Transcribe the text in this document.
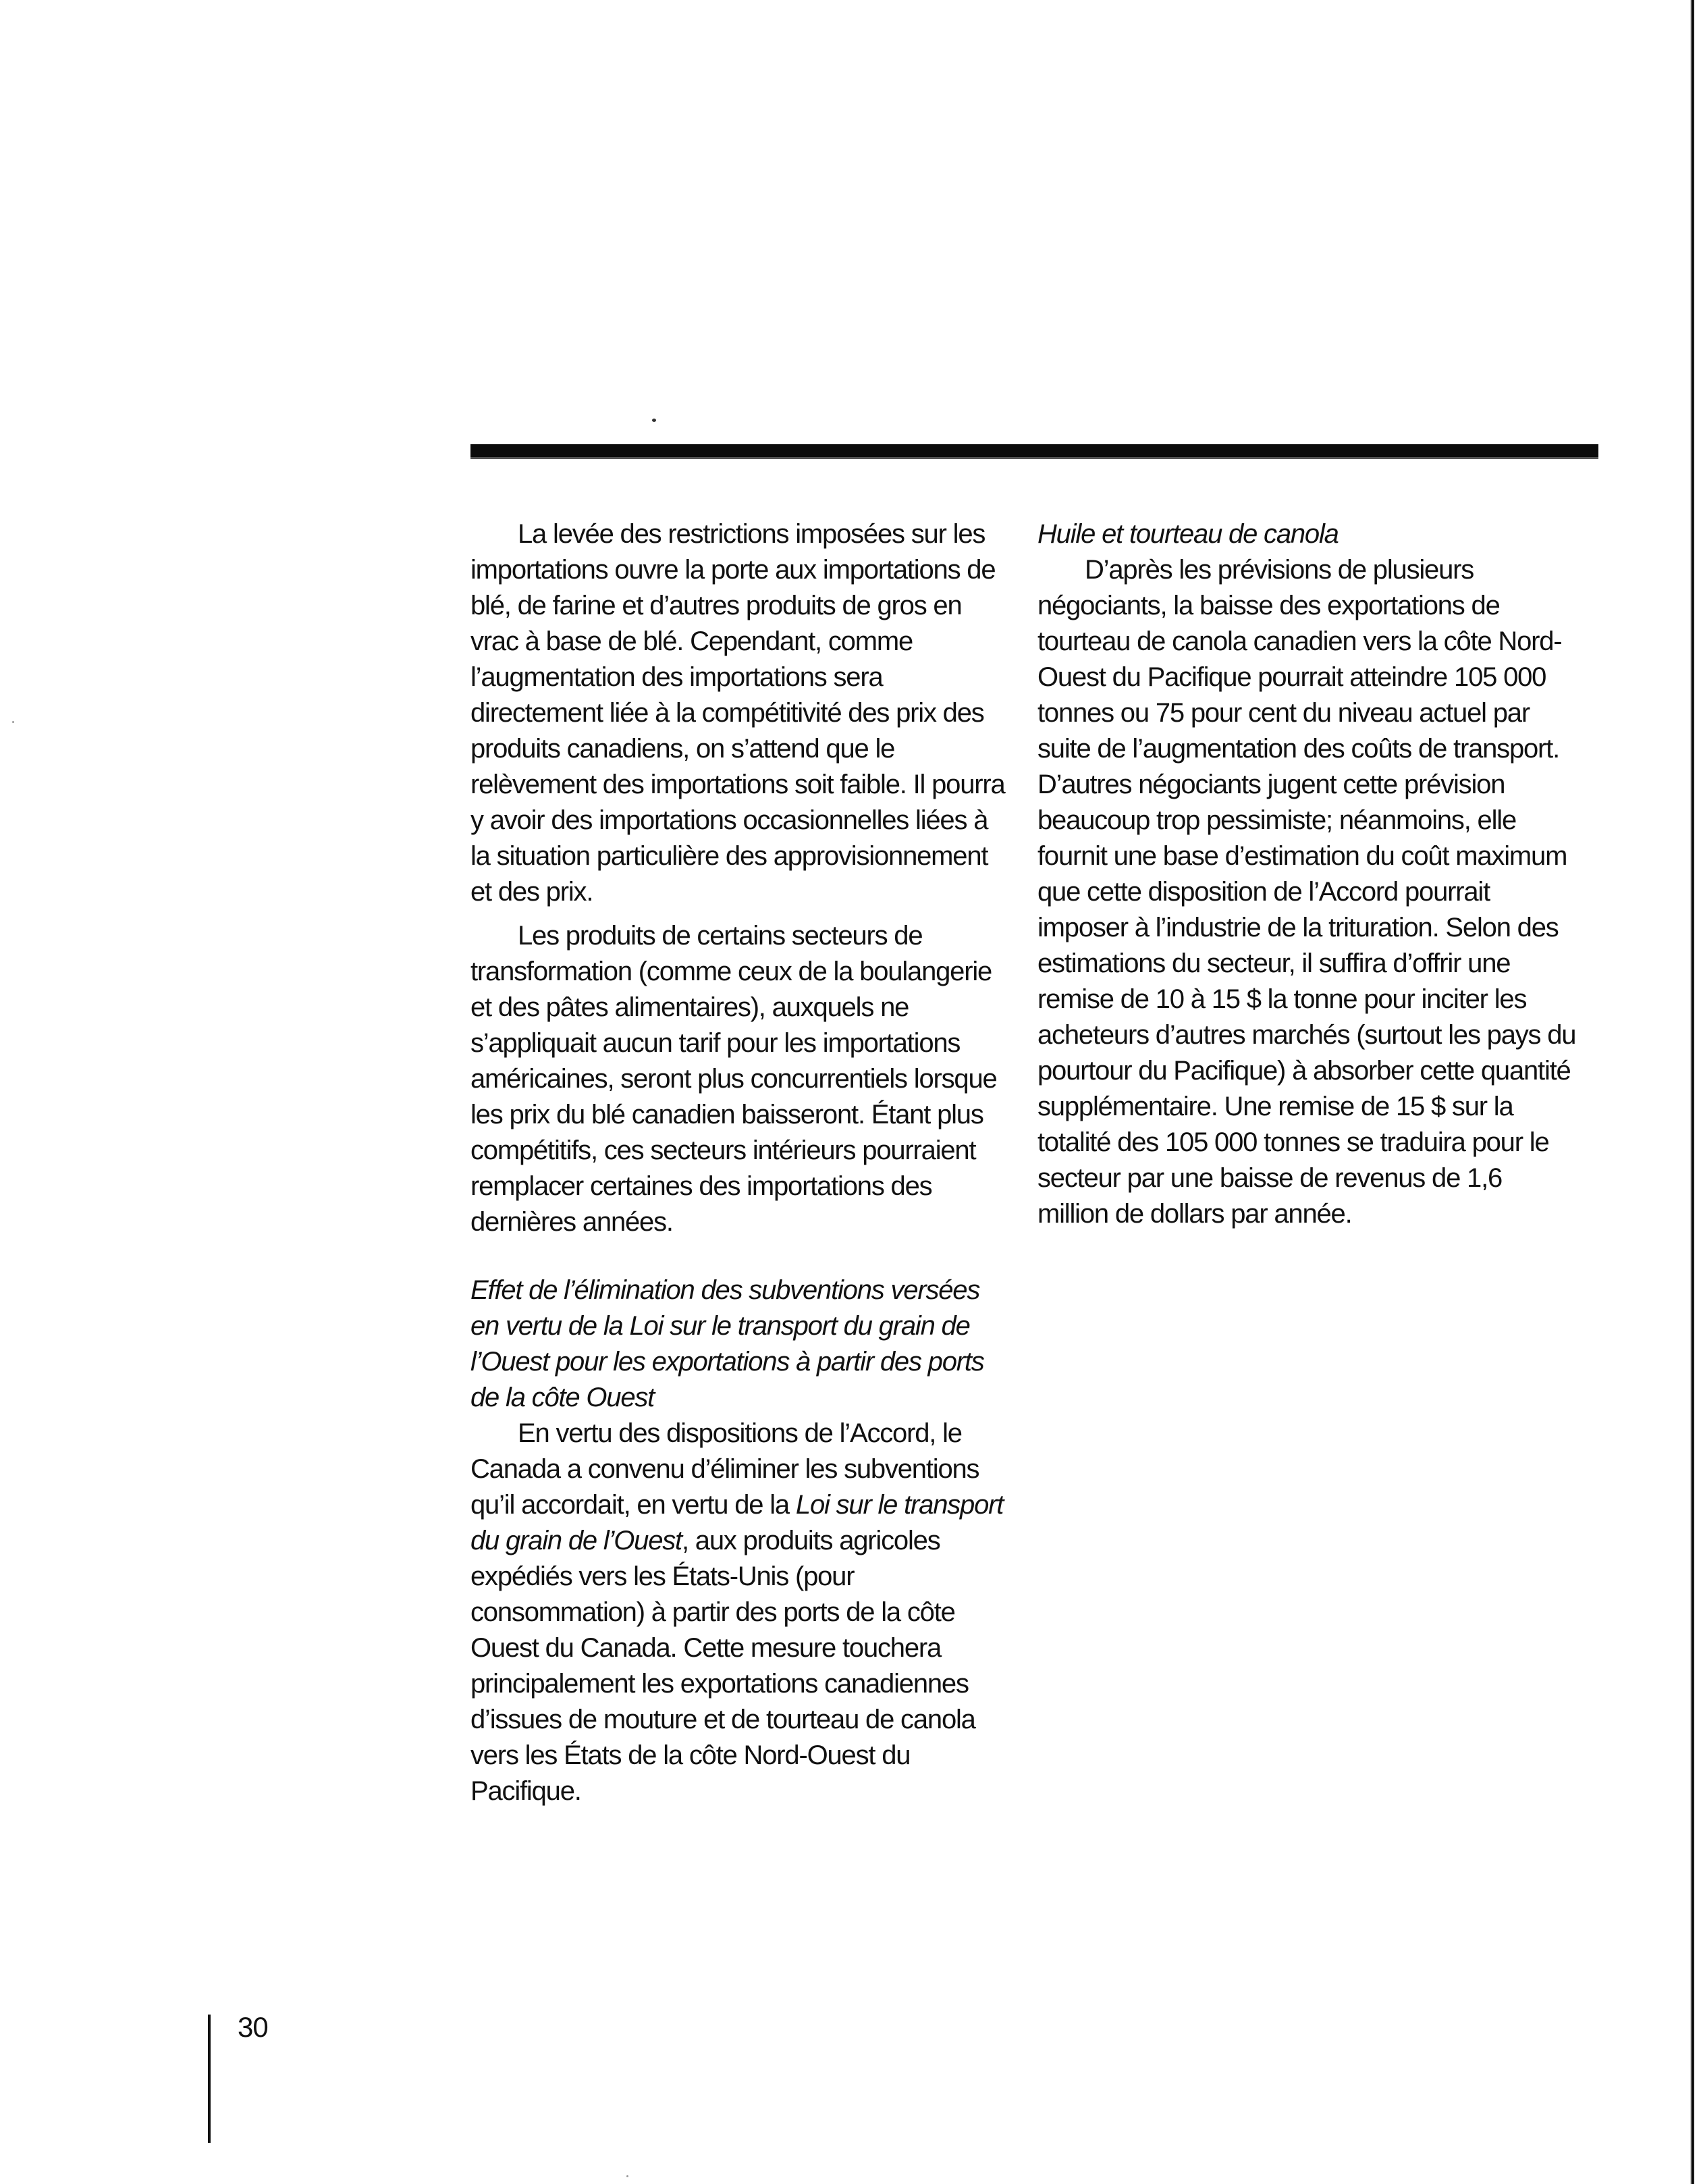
La levée des restrictions imposées sur les importations ouvre la porte aux importations de blé, de farine et d’autres produits de gros en vrac à base de blé. Cependant, comme l’augmentation des importations sera directement liée à la compétitivité des prix des produits canadiens, on s’attend que le relèvement des importations soit faible. Il pourra y avoir des importations occasionnelles liées à la situation particulière des approvisionnement et des prix.

Les produits de certains secteurs de transformation (comme ceux de la boulangerie et des pâtes alimentaires), auxquels ne s’appliquait aucun tarif pour les importations américaines, seront plus concurrentiels lorsque les prix du blé canadien baisseront. Étant plus compétitifs, ces secteurs intérieurs pourraient remplacer certaines des importations des dernières années.

Effet de l’élimination des subventions versées en vertu de la Loi sur le transport du grain de l’Ouest pour les exportations à partir des ports de la côte Ouest

En vertu des dispositions de l’Accord, le Canada a convenu d’éliminer les subventions qu’il accordait, en vertu de la Loi sur le transport du grain de l’Ouest, aux produits agricoles expédiés vers les États-Unis (pour consommation) à partir des ports de la côte Ouest du Canada. Cette mesure touchera principalement les exportations canadiennes d’issues de mouture et de tourteau de canola vers les États de la côte Nord-Ouest du Pacifique.

Huile et tourteau de canola

D’après les prévisions de plusieurs négociants, la baisse des exportations de tourteau de canola canadien vers la côte Nord-Ouest du Pacifique pourrait atteindre 105 000 tonnes ou 75 pour cent du niveau actuel par suite de l’augmentation des coûts de transport. D’autres négociants jugent cette prévision beaucoup trop pessimiste; néanmoins, elle fournit une base d’estimation du coût maximum que cette disposition de l’Accord pourrait imposer à l’industrie de la trituration. Selon des estimations du secteur, il suffira d’offrir une remise de 10 à 15 $ la tonne pour inciter les acheteurs d’autres marchés (surtout les pays du pourtour du Pacifique) à absorber cette quantité supplémentaire. Une remise de 15 $ sur la totalité des 105 000 tonnes se traduira pour le secteur par une baisse de revenus de 1,6 million de dollars par année.

30
